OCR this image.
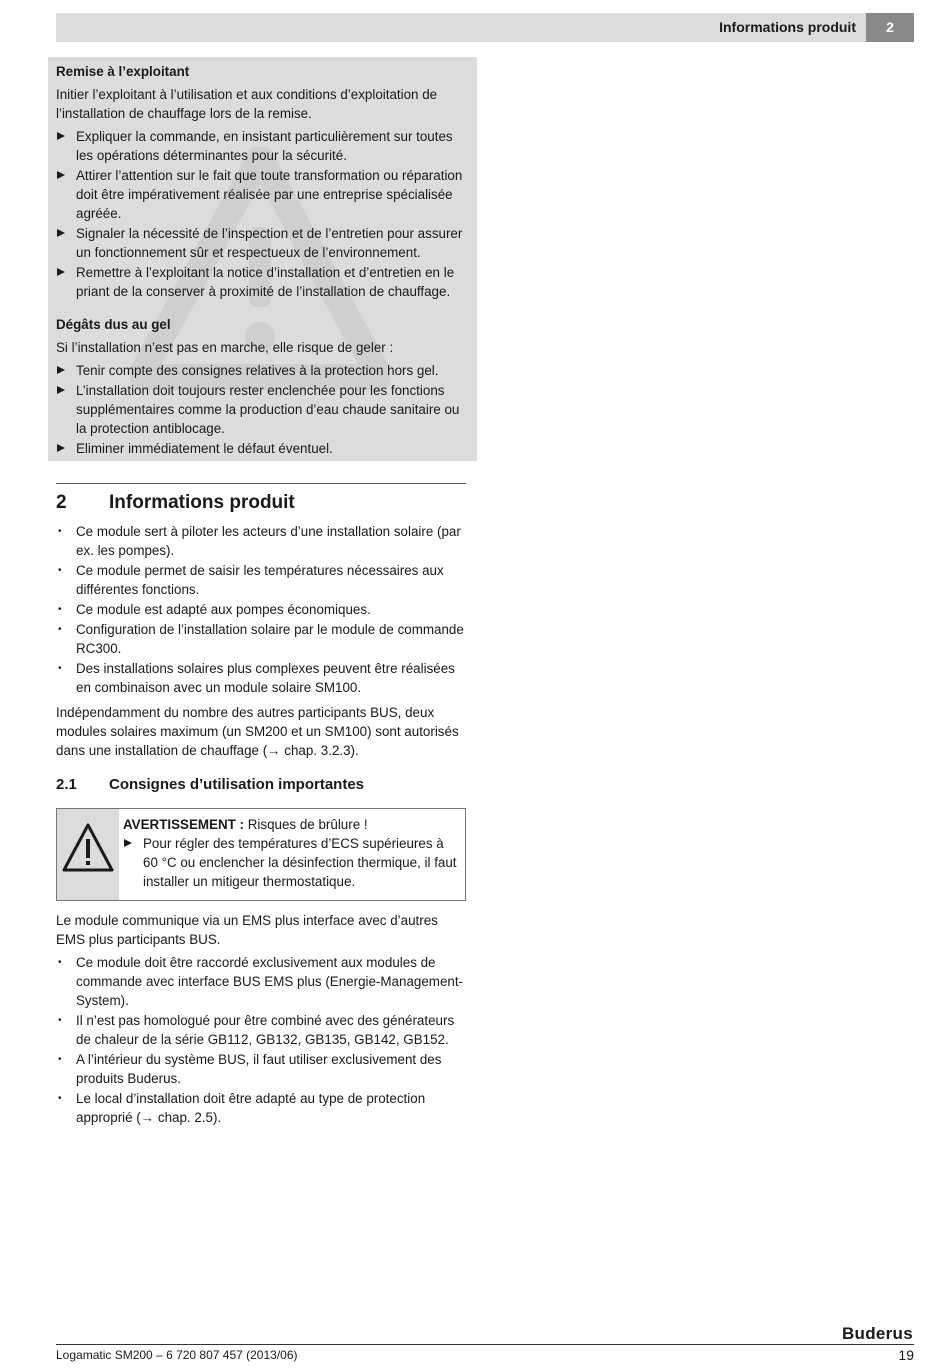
Informations produit	2
Remise à l’exploitant

Initier l’exploitant à l’utilisation et aux conditions d’exploitation de l’installation de chauffage lors de la remise.

Expliquer la commande, en insistant particulièrement sur toutes les opérations déterminantes pour la sécurité.
Attirer l’attention sur le fait que toute transformation ou réparation doit être impérativement réalisée par une entreprise spécialisée agréée.
Signaler la nécessité de l’inspection et de l’entretien pour assurer un fonctionnement sûr et respectueux de l’environnement.
Remettre à l’exploitant la notice d’installation et d’entretien en le priant de la conserver à proximité de l’installation de chauffage.
Dégâts dus au gel

Si l’installation n’est pas en marche, elle risque de geler :

Tenir compte des consignes relatives à la protection hors gel.
L’installation doit toujours rester enclenchée pour les fonctions supplémentaires comme la production d’eau chaude sanitaire ou la protection antiblocage.
Eliminer immédiatement le défaut éventuel.
2 Informations produit
• Ce module sert à piloter les acteurs d’une installation solaire (par ex. les pompes).
• Ce module permet de saisir les températures nécessaires aux différentes fonctions.
• Ce module est adapté aux pompes économiques.
• Configuration de l’installation solaire par le module de commande RC300.
• Des installations solaires plus complexes peuvent être réalisées en combinaison avec un module solaire SM100.

Indépendamment du nombre des autres participants BUS, deux modules solaires maximum (un SM200 et un SM100) sont autorisés dans une installation de chauffage (→ chap. 3.2.3).

2.1 Consignes d’utilisation importantes
AVERTISSEMENT : Risques de brûlure !
Pour régler des températures d’ECS supérieures à 60 °C ou enclencher la désinfection thermique, il faut installer un mitigeur thermostatique.

Le module communique via un EMS plus interface avec d’autres EMS plus participants BUS.

• Ce module doit être raccordé exclusivement aux modules de commande avec interface BUS EMS plus (Energie-Management-System).
• Il n’est pas homologué pour être combiné avec des générateurs de chaleur de la série GB112, GB132, GB135, GB142, GB152.
• A l’intérieur du système BUS, il faut utiliser exclusivement des produits Buderus.
• Le local d’installation doit être adapté au type de protection approprié (→ chap. 2.5).
Buderus
Logamatic SM200 – 6 720 807 457 (2013/06)	19
